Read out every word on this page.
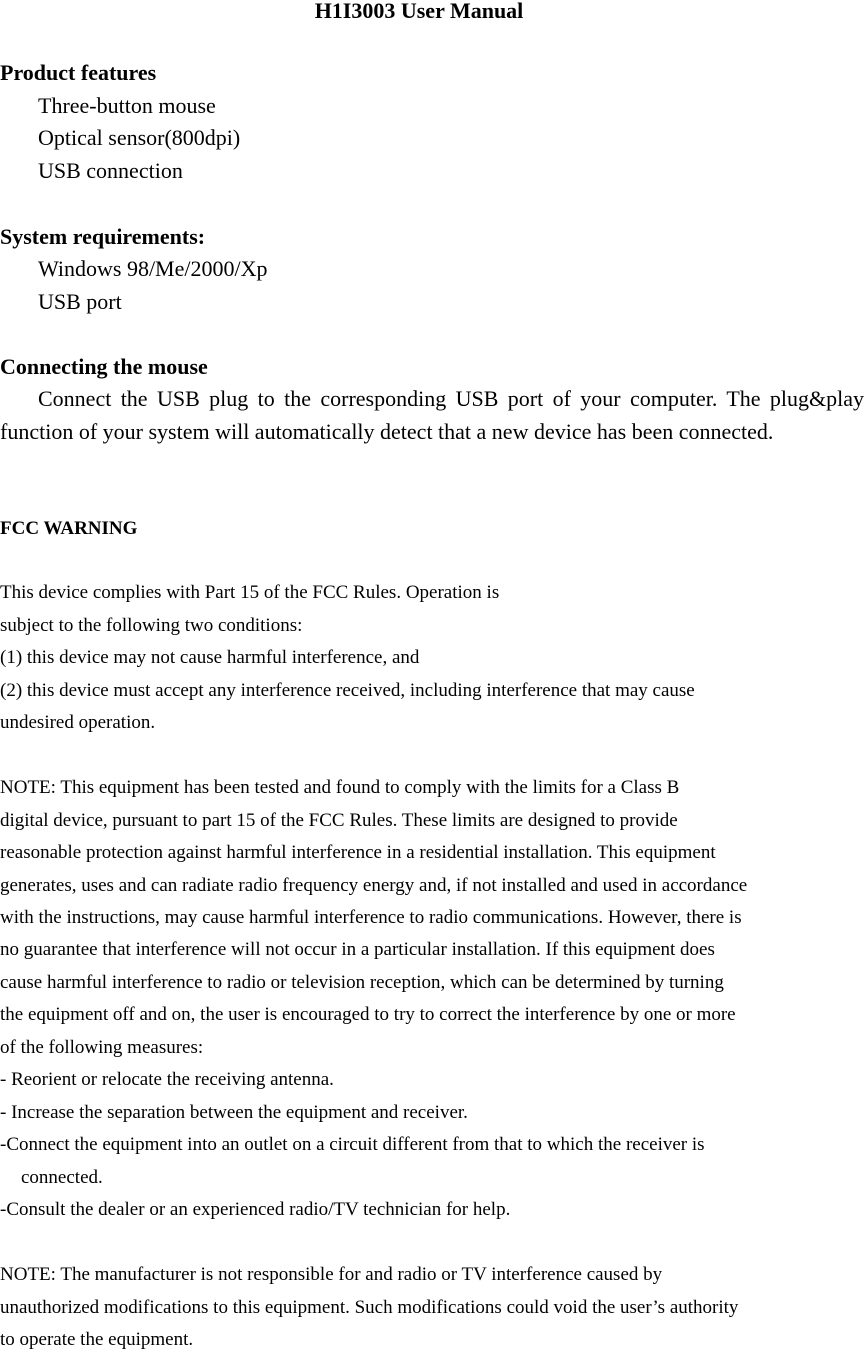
H1I3003 User Manual
Product features
Three-button mouse
Optical sensor(800dpi)
USB connection
System requirements:
Windows 98/Me/2000/Xp
USB port
Connecting the mouse
Connect the USB plug to the corresponding USB port of your computer. The plug&play function of your system will automatically detect that a new device has been connected.
FCC WARNING
This device complies with Part 15 of the FCC Rules. Operation is
subject to the following two conditions:
(1) this device may not cause harmful interference, and
(2) this device must accept any interference received, including interference that may cause
undesired operation.
NOTE: This equipment has been tested and found to comply with the limits for a Class B
digital device, pursuant to part 15 of the FCC Rules. These limits are designed to provide
reasonable protection against harmful interference in a residential installation. This equipment
generates, uses and can radiate radio frequency energy and, if not installed and used in accordance
with the instructions, may cause harmful interference to radio communications. However, there is
no guarantee that interference will not occur in a particular installation. If this equipment does
cause harmful interference to radio or television reception, which can be determined by turning
the equipment off and on, the user is encouraged to try to correct the interference by one or more
of the following measures:
- Reorient or relocate the receiving antenna.
- Increase the separation between the equipment and receiver.
-Connect the equipment into an outlet on a circuit different from that to which the receiver is
connected.
-Consult the dealer or an experienced radio/TV technician for help.
NOTE: The manufacturer is not responsible for and radio or TV interference caused by
unauthorized modifications to this equipment. Such modifications could void the user’s authority
to operate the equipment.
